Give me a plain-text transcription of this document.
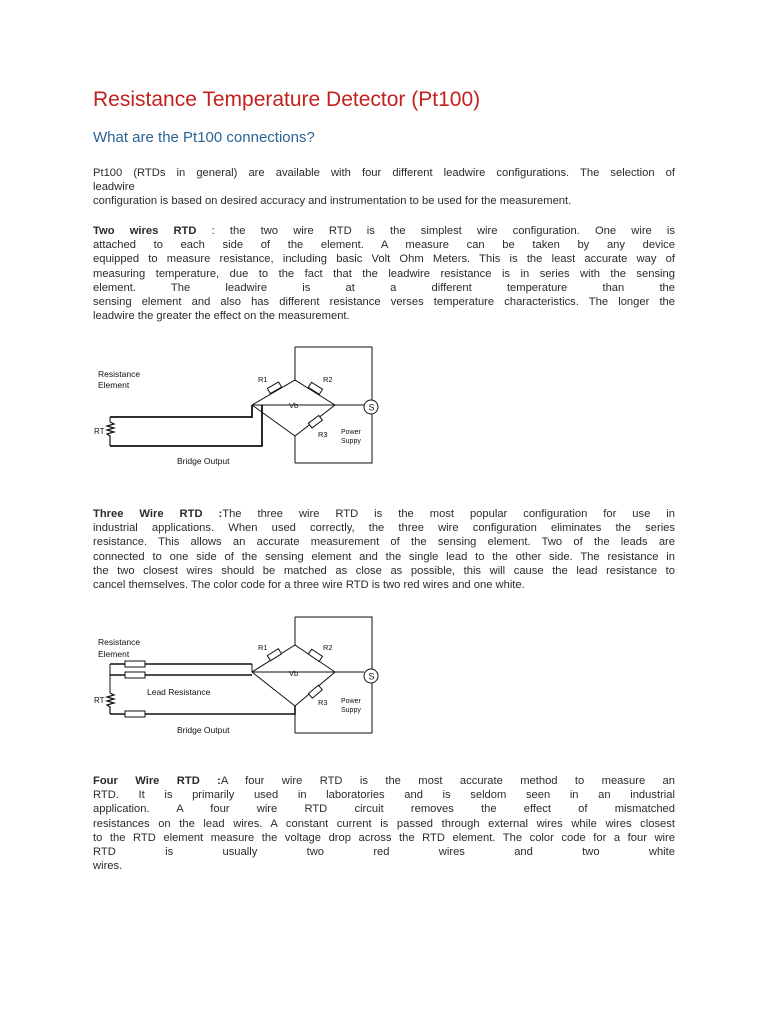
Resistance Temperature Detector (Pt100)
What are the Pt100 connections?
Pt100 (RTDs in general) are available with four different leadwire configurations. The selection of
leadwire
configuration is based on desired accuracy and instrumentation to be used for the measurement.
Two wires RTD : the two wire RTD is the simplest wire configuration. One wire is
attached to each side of the element. A measure can be taken by any device
equipped to measure resistance, including basic Volt Ohm Meters. This is the least accurate way of
measuring temperature, due to the fact that the leadwire resistance is in series with the sensing
element. The leadwire is at a different temperature than the
sensing element and also has different resistance verses temperature characteristics. The longer the
leadwire the greater the effect on the measurement.
S
Resistance
Element
R1	R2
Vb
R3
RT	Power
Suppy
Bridge Output
Three Wire RTD :The three wire RTD is the most popular configuration for use in
industrial applications. When used correctly, the three wire configuration eliminates the series
resistance. This allows an accurate measurement of the sensing element. Two of the leads are
connected to one side of the sensing element and the single lead to the other side. The resistance in
the two closest wires should be matched as close as possible, this will cause the lead resistance to
cancel themselves. The color code for a three wire RTD is two red wires and one white.
S
Resistance
Element
R1	R2
Vb
R3
RT
Lead Resistance
Power
Suppy
Bridge Output
Four Wire RTD :A four wire RTD is the most accurate method to measure an
RTD. It is primarily used in laboratories and is seldom seen in an industrial
application. A four wire RTD circuit removes the effect of mismatched
resistances on the lead wires. A constant current is passed through external wires while wires closest
to the RTD element measure the voltage drop across the RTD element. The color code for a four wire
RTD is usually two red wires and two white
wires.
